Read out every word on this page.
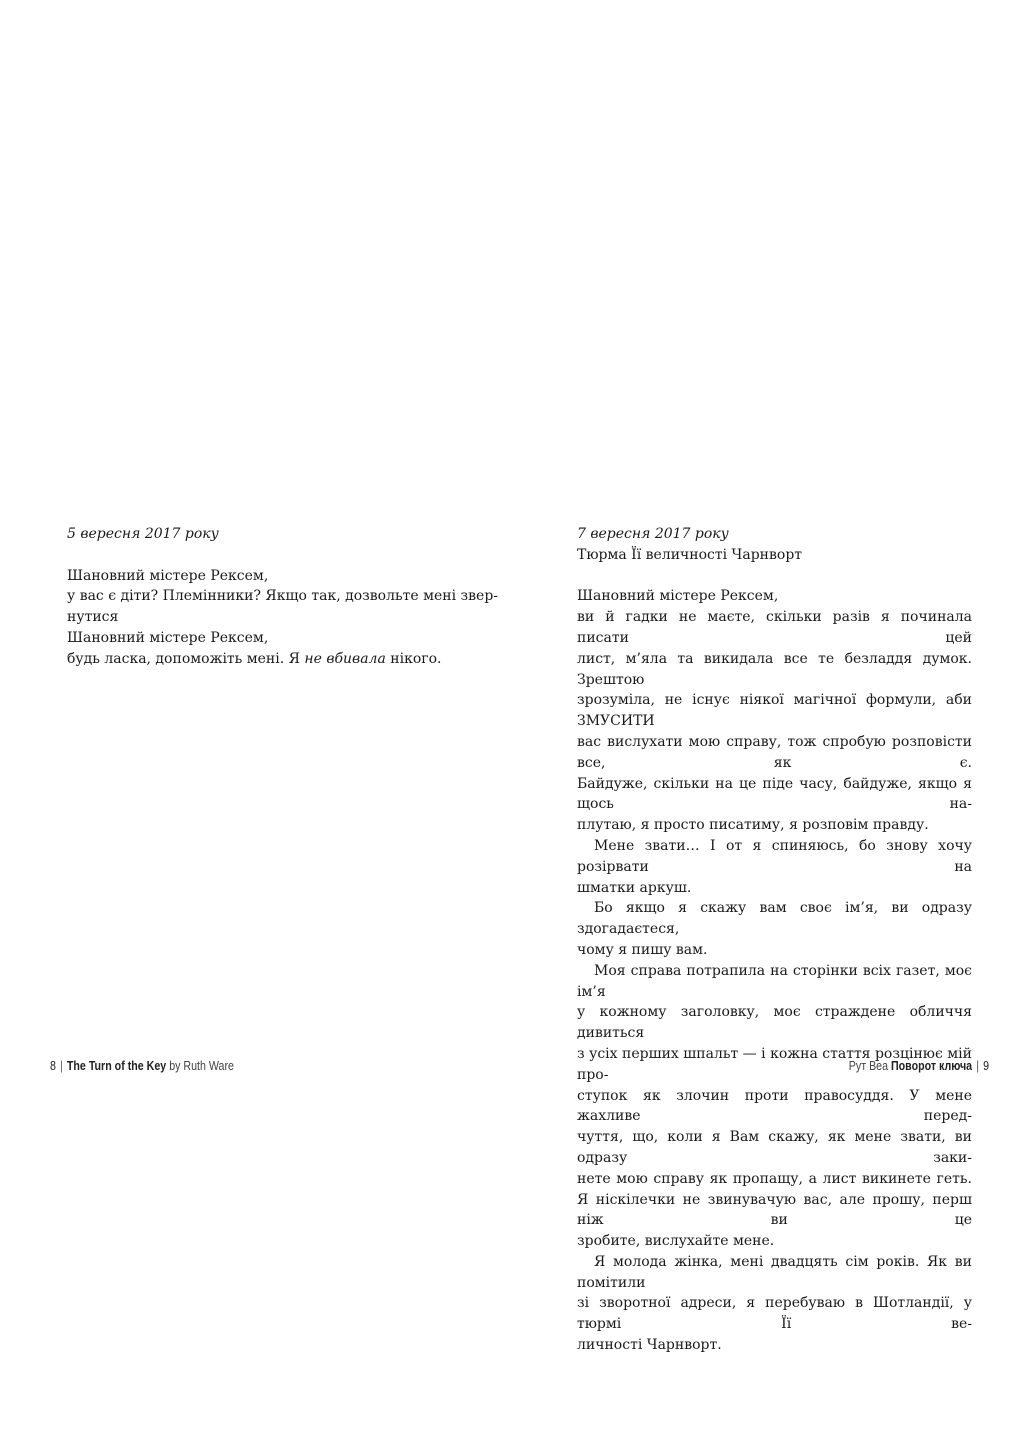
5 вересня 2017 року
Шановний містере Рексем,
у вас є діти? Племінники? Якщо так, дозвольте мені звер-
нутися
Шановний містере Рексем,
будь ласка, допоможіть мені. Я не вбивала нікого.
7 вересня 2017 року
Тюрма Її величності Чарнворт
Шановний містере Рексем,
ви й гадки не маєте, скільки разів я починала писати цей
лист, м’яла та викидала все те безладдя думок. Зрештою
зрозуміла, не існує ніякої магічної формули, аби ЗМУСИТИ
вас вислухати мою справу, тож спробую розповісти все, як є.
Байдуже, скільки на це піде часу, байдуже, якщо я щось на-
плутаю, я просто писатиму, я розповім правду.
Мене звати… І от я спиняюсь, бо знову хочу розірвати на
шматки аркуш.
Бо якщо я скажу вам своє ім’я, ви одразу здогадаєтеся,
чому я пишу вам.
Моя справа потрапила на сторінки всіх газет, моє ім’я
у кожному заголовку, моє страждене обличчя дивиться
з усіх перших шпальт — і кожна стаття розцінює мій про-
ступок як злочин проти правосуддя. У мене жахливе перед-
чуття, що, коли я Вам скажу, як мене звати, ви одразу заки-
нете мою справу як пропащу, а лист викинете геть.
Я ніскілечки не звинувачую вас, але прошу, перш ніж ви це
зробите, вислухайте мене.
Я молода жінка, мені двадцять сім років. Як ви помітили
зі зворотної адреси, я перебуваю в Шотландії, у тюрмі Її ве-
личності Чарнворт.
8 | The Turn of the Key by Ruth Ware	Рут Веа Поворот ключа | 9
